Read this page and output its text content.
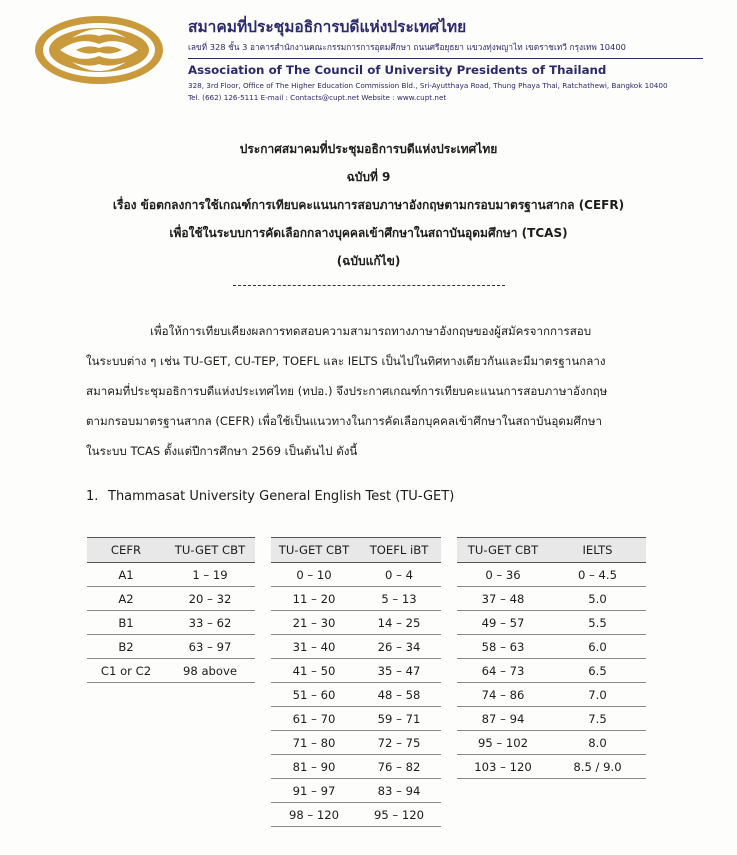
สมาคมที่ประชุมอธิการบดีแห่งประเทศไทย
เลขที่ 328 ชั้น 3 อาคารสำนักงานคณะกรรมการการอุดมศึกษา ถนนศรีอยุธยา แขวงทุ่งพญาไท เขตราชเทวี กรุงเทพ 10400
Association of The Council of University Presidents of Thailand
328, 3rd Floor, Office of The Higher Education Commission Bld., Sri-Ayutthaya Road, Thung Phaya Thai, Ratchathewi, Bangkok 10400
Tel. (662) 126-5111 E-mail : Contacts@cupt.net Website : www.cupt.net
ประกาศสมาคมที่ประชุมอธิการบดีแห่งประเทศไทย
ฉบับที่ 9
เรื่อง ข้อตกลงการใช้เกณฑ์การเทียบคะแนนการสอบภาษาอังกฤษตามกรอบมาตรฐานสากล (CEFR)
เพื่อใช้ในระบบการคัดเลือกกลางบุคคลเข้าศึกษาในสถาบันอุดมศึกษา (TCAS)
(ฉบับแก้ไข)
เพื่อให้การเทียบเคียงผลการทดสอบความสามารถทางภาษาอังกฤษของผู้สมัครจากการสอบ
ในระบบต่าง ๆ เช่น TU-GET, CU-TEP, TOEFL และ IELTS เป็นไปในทิศทางเดียวกันและมีมาตรฐานกลาง
สมาคมที่ประชุมอธิการบดีแห่งประเทศไทย (ทปอ.) จึงประกาศเกณฑ์การเทียบคะแนนการสอบภาษาอังกฤษ
ตามกรอบมาตรฐานสากล (CEFR) เพื่อใช้เป็นแนวทางในการคัดเลือกบุคคลเข้าศึกษาในสถาบันอุดมศึกษา
ในระบบ TCAS ตั้งแต่ปีการศึกษา 2569 เป็นต้นไป ดังนี้
1. Thammasat University General English Test (TU-GET)
CEFR	TU-GET CBT
A1	1 – 19
A2	20 – 32
B1	33 – 62
B2	63 – 97
C1 or C2	98 above
TU-GET CBT	TOEFL iBT
0 – 10	0 – 4
11 – 20	5 – 13
21 – 30	14 – 25
31 – 40	26 – 34
41 – 50	35 – 47
51 – 60	48 – 58
61 – 70	59 – 71
71 – 80	72 – 75
81 – 90	76 – 82
91 – 97	83 – 94
98 – 120	95 – 120
TU-GET CBT	IELTS
0 – 36	0 – 4.5
37 – 48	5.0
49 – 57	5.5
58 – 63	6.0
64 – 73	6.5
74 – 86	7.0
87 – 94	7.5
95 – 102	8.0
103 – 120	8.5 / 9.0
